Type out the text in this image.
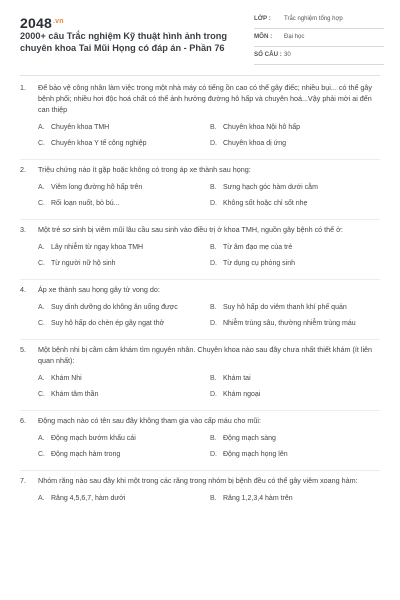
$2048^{.vn}$
2000+ câu Trắc nghiệm Kỹ thuật hình ảnh trong chuyên khoa Tai Mũi Họng có đáp án - Phần 76
LỚP : Trắc nghiệm tổng hợp
MÔN : Đại học
SỐ CÂU : 30
1.	Để bảo vệ công nhân làm việc trong một nhà máy có tiếng ồn cao có thể gây điếc; nhiều bụi... có thể gây bệnh phổi; nhiều hơi độc hoá chất có thể ảnh hưởng đường hô hấp và chuyên hoá...Vậy phải mời ai đến can thiệp
A. Chuyên khoa TMH	B. Chuyên khoa Nội hô hấp
C. Chuyên khoa Y tế công nghiệp	D. Chuyên khoa dị ứng
2.	Triệu chứng nào ít gặp hoặc không có trong áp xe thành sau họng:
A. Viêm long đường hô hấp trên	B. Sưng hạch góc hàm dưới cằm
C. Rối loạn nuốt, bỏ bú...	D. Không sốt hoặc chỉ sốt nhẹ
3.	Một trẻ sơ sinh bị viêm mũi lâu cầu sau sinh vào điều trị ở khoa TMH, nguồn gây bệnh có thể ở:
A. Lây nhiễm từ ngay khoa TMH	B. Từ âm đạo mẹ của trẻ
C. Từ người nữ hộ sinh	D. Từ dụng cụ phòng sinh
4.	Áp xe thành sau họng gây tử vong do:
A. Suy dinh dưỡng do không ăn uống được	B. Suy hô hấp do viêm thanh khí phế quản
C. Suy hô hấp do chèn ép gây ngạt thở	D. Nhiễm trùng sâu, thường nhiễm trùng máu
5.	Một bệnh nhi bị câm câm khám tìm nguyên nhân. Chuyên khoa nào sau đây chưa nhất thiết khám (ít liên quan nhất):
A. Khám Nhi	B. Khám tai
C. Khám tâm thần	D. Khám ngoại
6.	Động mạch nào có tên sau đây không tham gia vào cấp máu cho mũi:
A. Động mạch bướm khẩu cái	B. Động mạch sàng
C. Động mạch hàm trong	D. Động mạch họng lên
7.	Nhóm răng nào sau đây khi một trong các răng trong nhóm bị bệnh đều có thể gây viêm xoang hàm:
A. Răng 4,5,6,7, hàm dưới	B. Răng 1,2,3,4 hàm trên
